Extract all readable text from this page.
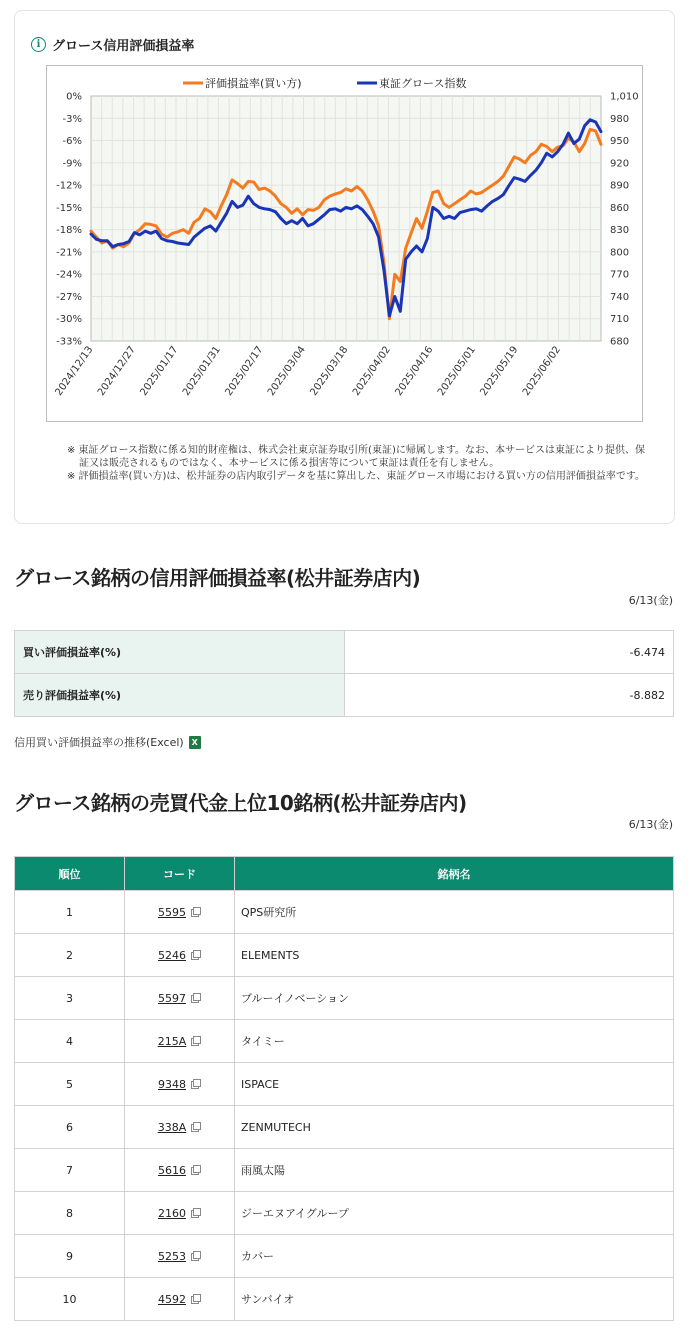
i グロース信用評価損益率
0%	1,010
-3%	980
-6%	950
-9%	920
-12%	890
-15%	860
-18%	830
-21%	800
-24%	770
-27%	740
-30%	710
-33%	680
2024/12/13 2024/12/27 2025/01/17 2025/01/31 2025/02/17 2025/03/04 2025/03/18 2025/04/02 2025/04/16 2025/05/01 2025/05/19 2025/06/02
評価損益率(買い方)	東証グロース指数
※ 東証グロース指数に係る知的財産権は、株式会社東京証券取引所(東証)に帰属します。なお、本サービスは東証により提供、保証又は販売されるものではなく、本サービスに係る損害等について東証は責任を有しません。
※ 評価損益率(買い方)は、松井証券の店内取引データを基に算出した、東証グロース市場における買い方の信用評価損益率です。
グロース銘柄の信用評価損益率(松井証券店内)
6/13(金)
買い評価損益率(%)	-6.474
売り評価損益率(%)	-8.882
信用買い評価損益率の推移(Excel) X
グロース銘柄の売買代金上位10銘柄(松井証券店内)
6/13(金)
順位	コード	銘柄名
1	5595	QPS研究所
2	5246	ELEMENTS
3	5597	ブルーイノベーション
4	215A	タイミー
5	9348	ISPACE
6	338A	ZENMUTECH
7	5616	雨風太陽
8	2160	ジーエヌアイグループ
9	5253	カバー
10	4592	サンバイオ
